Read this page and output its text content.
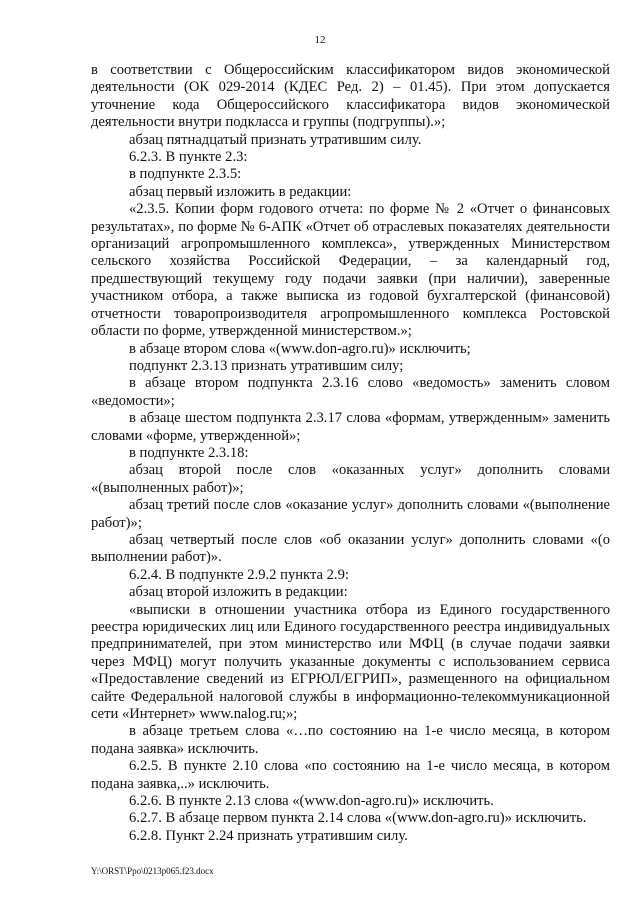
12

в соответствии с Общероссийским классификатором видов экономической деятельности (ОК 029-2014 (КДЕС Ред. 2) – 01.45). При этом допускается уточнение кода Общероссийского классификатора видов экономической деятельности внутри подкласса и группы (подгруппы).»;

абзац пятнадцатый признать утратившим силу.

6.2.3. В пункте 2.3:

в подпункте 2.3.5:

абзац первый изложить в редакции:

«2.3.5. Копии форм годового отчета: по форме № 2 «Отчет о финансовых результатах», по форме № 6-АПК «Отчет об отраслевых показателях деятельности организаций агропромышленного комплекса», утвержденных Министерством сельского хозяйства Российской Федерации, – за календарный год, предшествующий текущему году подачи заявки (при наличии), заверенные участником отбора, а также выписка из годовой бухгалтерской (финансовой) отчетности товаропроизводителя агропромышленного комплекса Ростовской области по форме, утвержденной министерством.»;

в абзаце втором слова «(www.don-agro.ru)» исключить;

подпункт 2.3.13 признать утратившим силу;

в абзаце втором подпункта 2.3.16 слово «ведомость» заменить словом «ведомости»;

в абзаце шестом подпункта 2.3.17 слова «формам, утвержденным» заменить словами «форме, утвержденной»;

в подпункте 2.3.18:

абзац второй после слов «оказанных услуг» дополнить словами «(выполненных работ)»;

абзац третий после слов «оказание услуг» дополнить словами «(выполнение работ)»;

абзац четвертый после слов «об оказании услуг» дополнить словами «(о выполнении работ)».

6.2.4. В подпункте 2.9.2 пункта 2.9:

абзац второй изложить в редакции:

«выписки в отношении участника отбора из Единого государственного реестра юридических лиц или Единого государственного реестра индивидуальных предпринимателей, при этом министерство или МФЦ (в случае подачи заявки через МФЦ) могут получить указанные документы с использованием сервиса «Предоставление сведений из ЕГРЮЛ/ЕГРИП», размещенного на официальном сайте Федеральной налоговой службы в информационно-телекоммуникационной сети «Интернет» www.nalog.ru;»;

в абзаце третьем слова «…по состоянию на 1-е число месяца, в котором подана заявка» исключить.

6.2.5. В пункте 2.10 слова «по состоянию на 1-е число месяца, в котором подана заявка,..» исключить.

6.2.6. В пункте 2.13 слова «(www.don-agro.ru)» исключить.

6.2.7. В абзаце первом пункта 2.14 слова «(www.don-agro.ru)» исключить.

6.2.8. Пункт 2.24 признать утратившим силу.

Y:\ORST\Ppo\0213p065.f23.docx
